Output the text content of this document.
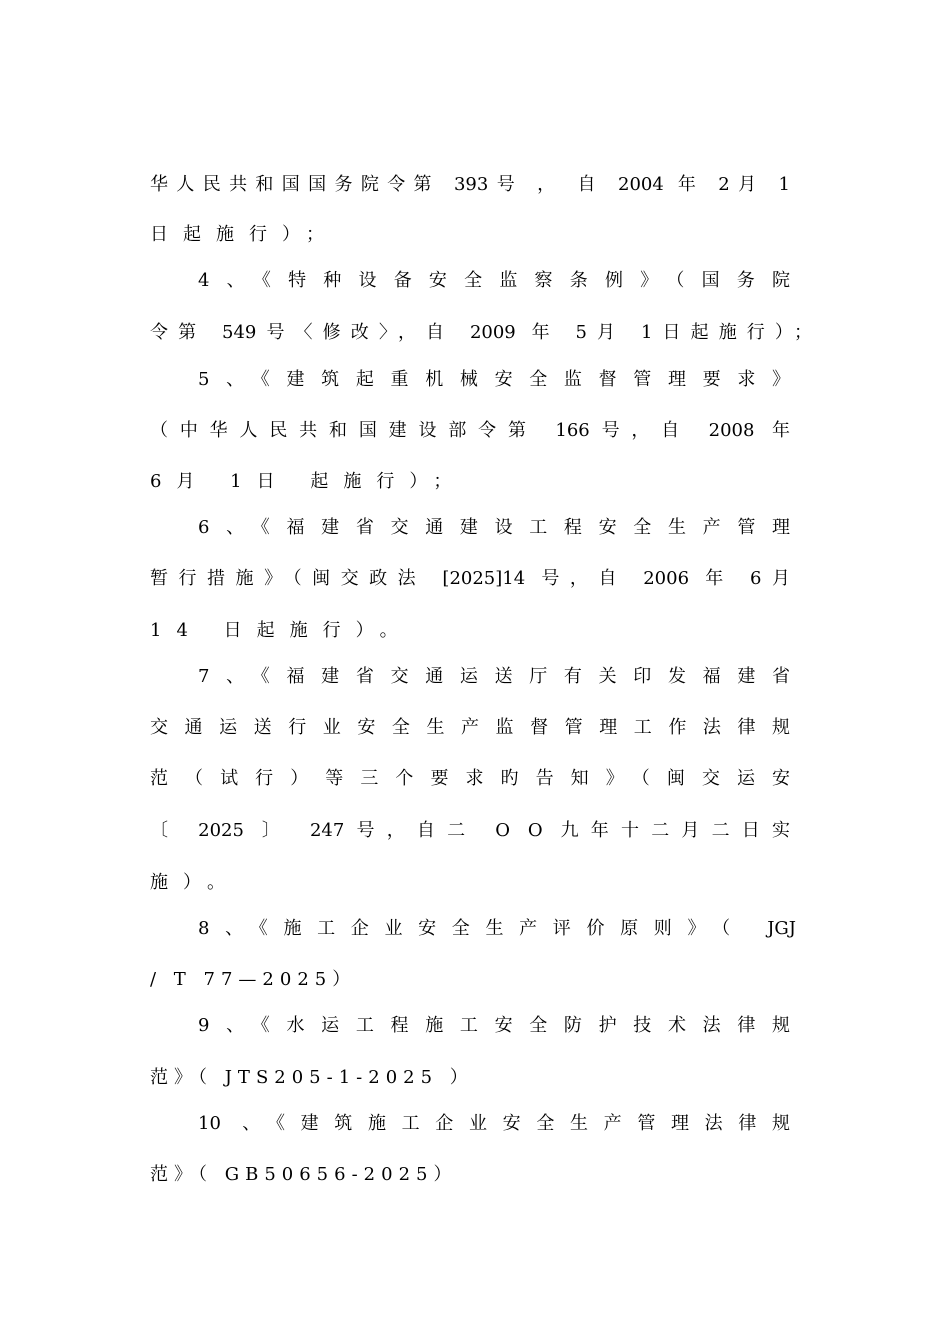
华人民共和国国务院令第 393号 ， 自 2004 年 2月 1
日起施行）；
4、《特种设备安全监察条例》（国务院
令第 549号〈修改〉，自 2009 年 5月 1日起施行）；
5、《建筑起重机械安全监督管理要求》
（中华人民共和国建设部令第 166号，自 2008 年
6月 1日 起施行）；
6、《福建省交通建设工程安全生产管理
暂行措施》（闽交政法 [2025]14 号，自 2006 年 6月
14 日起施行）。
7、《福建省交通运送厅有关印发福建省
交通运送行业安全生产监督管理工作法律规
范（试行）等三个要求旳告知》（闽交运安
〔 2025 〕 247号，自二 O O 九年十二月二日实
施）。
8、《施工企业安全生产评价原则》（ JGJ
/ T 77—2025）
9、《水运工程施工安全防护技术法律规
范》（ JTS205-1-2025 ）
10 、《建筑施工企业安全生产管理法律规
范》（ GB50656-2025）
